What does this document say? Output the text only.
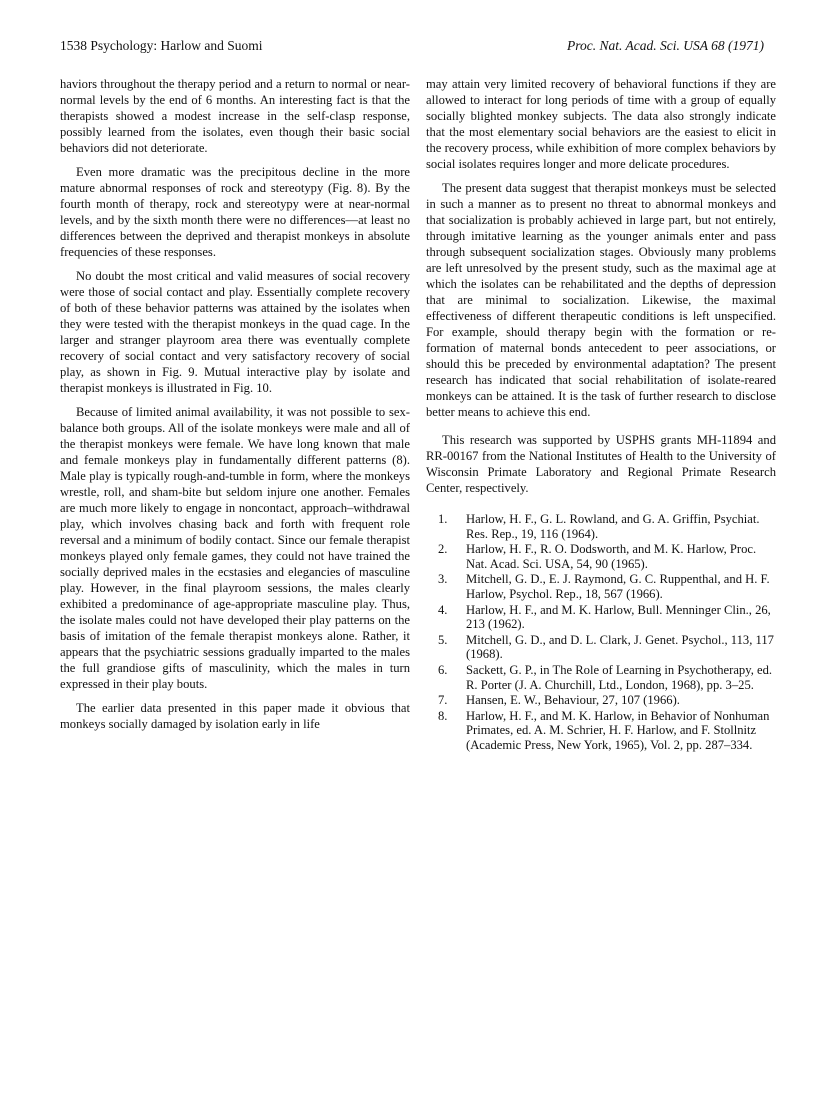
1538 Psychology: Harlow and Suomi	Proc. Nat. Acad. Sci. USA 68 (1971)

haviors throughout the therapy period and a return to normal or near-normal levels by the end of 6 months. An interesting fact is that the therapists showed a modest increase in the self-clasp response, possibly learned from the isolates, even though their basic social behaviors did not deteriorate.

Even more dramatic was the precipitous decline in the more mature abnormal responses of rock and stereotypy (Fig. 8). By the fourth month of therapy, rock and stereotypy were at near-normal levels, and by the sixth month there were no differences—at least no differences between the deprived and therapist monkeys in absolute frequencies of these responses.

No doubt the most critical and valid measures of social recovery were those of social contact and play. Essentially complete recovery of both of these behavior patterns was attained by the isolates when they were tested with the therapist monkeys in the quad cage. In the larger and stranger playroom area there was eventually complete recovery of social contact and very satisfactory recovery of social play, as shown in Fig. 9. Mutual interactive play by isolate and therapist monkeys is illustrated in Fig. 10.

Because of limited animal availability, it was not possible to sex-balance both groups. All of the isolate monkeys were male and all of the therapist monkeys were female. We have long known that male and female monkeys play in fundamentally different patterns (8). Male play is typically rough-and-tumble in form, where the monkeys wrestle, roll, and sham-bite but seldom injure one another. Females are much more likely to engage in noncontact, approach–withdrawal play, which involves chasing back and forth with frequent role reversal and a minimum of bodily contact. Since our female therapist monkeys played only female games, they could not have trained the socially deprived males in the ecstasies and elegancies of masculine play. However, in the final playroom sessions, the males clearly exhibited a predominance of age-appropriate masculine play. Thus, the isolate males could not have developed their play patterns on the basis of imitation of the female therapist monkeys alone. Rather, it appears that the psychiatric sessions gradually imparted to the males the full grandiose gifts of masculinity, which the males in turn expressed in their play bouts.

The earlier data presented in this paper made it obvious that monkeys socially damaged by isolation early in life

may attain very limited recovery of behavioral functions if they are allowed to interact for long periods of time with a group of equally socially blighted monkey subjects. The data also strongly indicate that the most elementary social behaviors are the easiest to elicit in the recovery process, while exhibition of more complex behaviors by social isolates requires longer and more delicate procedures.

The present data suggest that therapist monkeys must be selected in such a manner as to present no threat to abnormal monkeys and that socialization is probably achieved in large part, but not entirely, through imitative learning as the younger animals enter and pass through subsequent socialization stages. Obviously many problems are left unresolved by the present study, such as the maximal age at which the isolates can be rehabilitated and the depths of depression that are minimal to socialization. Likewise, the maximal effectiveness of different therapeutic conditions is left unspecified. For example, should therapy begin with the formation or re-formation of maternal bonds antecedent to peer associations, or should this be preceded by environmental adaptation? The present research has indicated that social rehabilitation of isolate-reared monkeys can be attained. It is the task of further research to disclose better means to achieve this end.

This research was supported by USPHS grants MH-11894 and RR-00167 from the National Institutes of Health to the University of Wisconsin Primate Laboratory and Regional Primate Research Center, respectively.

1. Harlow, H. F., G. L. Rowland, and G. A. Griffin, Psychiat. Res. Rep., 19, 116 (1964).
2. Harlow, H. F., R. O. Dodsworth, and M. K. Harlow, Proc. Nat. Acad. Sci. USA, 54, 90 (1965).
3. Mitchell, G. D., E. J. Raymond, G. C. Ruppenthal, and H. F. Harlow, Psychol. Rep., 18, 567 (1966).
4. Harlow, H. F., and M. K. Harlow, Bull. Menninger Clin., 26, 213 (1962).
5. Mitchell, G. D., and D. L. Clark, J. Genet. Psychol., 113, 117 (1968).
6. Sackett, G. P., in The Role of Learning in Psychotherapy, ed. R. Porter (J. A. Churchill, Ltd., London, 1968), pp. 3–25.
7. Hansen, E. W., Behaviour, 27, 107 (1966).
8. Harlow, H. F., and M. K. Harlow, in Behavior of Nonhuman Primates, ed. A. M. Schrier, H. F. Harlow, and F. Stollnitz (Academic Press, New York, 1965), Vol. 2, pp. 287–334.
